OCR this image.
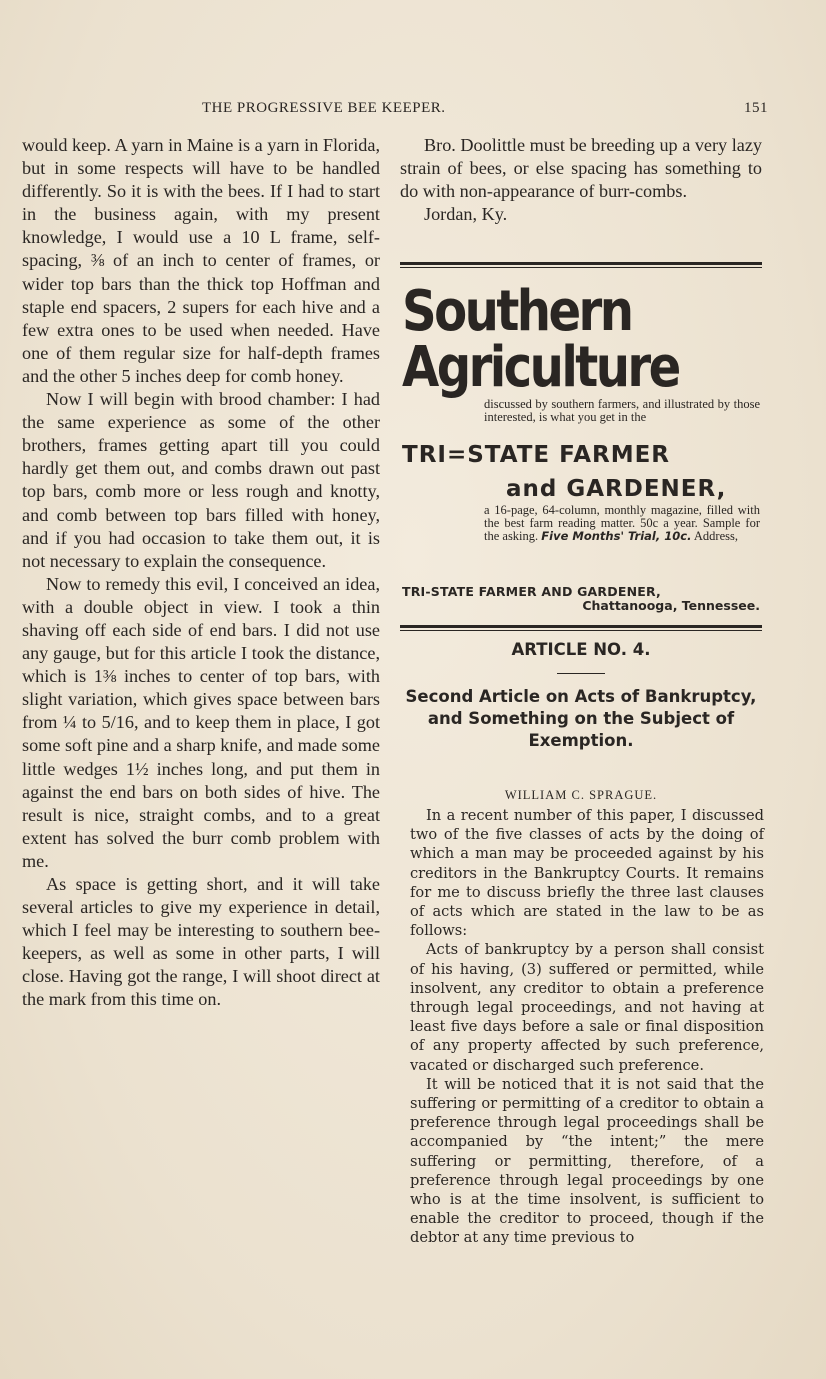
THE PROGRESSIVE BEE KEEPER.	151

would keep. A yarn in Maine is a yarn in Florida, but in some respects will have to be handled differently. So it is with the bees. If I had to start in the business again, with my present knowledge, I would use a 10 L frame, self-spacing, ⅜ of an inch to center of frames, or wider top bars than the thick top Hoffman and staple end spacers, 2 supers for each hive and a few extra ones to be used when needed. Have one of them regular size for half-depth frames and the other 5 inches deep for comb honey.

Now I will begin with brood chamber: I had the same experience as some of the other brothers, frames getting apart till you could hardly get them out, and combs drawn out past top bars, comb more or less rough and knotty, and comb between top bars filled with honey, and if you had occasion to take them out, it is not necessary to explain the consequence.

Now to remedy this evil, I conceived an idea, with a double object in view. I took a thin shaving off each side of end bars. I did not use any gauge, but for this article I took the distance, which is 1⅜ inches to center of top bars, with slight variation, which gives space between bars from ¼ to 5/16, and to keep them in place, I got some soft pine and a sharp knife, and made some little wedges 1½ inches long, and put them in against the end bars on both sides of hive. The result is nice, straight combs, and to a great extent has solved the burr comb problem with me.

As space is getting short, and it will take several articles to give my experience in detail, which I feel may be interesting to southern bee-keepers, as well as some in other parts, I will close. Having got the range, I will shoot direct at the mark from this time on.

Bro. Doolittle must be breeding up a very lazy strain of bees, or else spacing has something to do with non-appearance of burr-combs.

Jordan, Ky.

Southern
Agriculture
discussed by southern farmers, and illustrated by those interested, is what you get in the
TRI=STATE FARMER
and GARDENER,
a 16-page, 64-column, monthly magazine, filled with the best farm reading matter. 50c a year. Sample for the asking. Five Months' Trial, 10c. Address,
TRI-STATE FARMER AND GARDENER,
Chattanooga, Tennessee.
ARTICLE NO. 4.
Second Article on Acts of Bankruptcy, and Something on the Subject of Exemption.
WILLIAM C. SPRAGUE.

In a recent number of this paper, I discussed two of the five classes of acts by the doing of which a man may be proceeded against by his creditors in the Bankruptcy Courts. It remains for me to discuss briefly the three last clauses of acts which are stated in the law to be as follows:

Acts of bankruptcy by a person shall consist of his having, (3) suffered or permitted, while insolvent, any creditor to obtain a preference through legal proceedings, and not having at least five days before a sale or final disposition of any property affected by such preference, vacated or discharged such preference.

It will be noticed that it is not said that the suffering or permitting of a creditor to obtain a preference through legal proceedings shall be accompanied by “the intent;” the mere suffering or permitting, therefore, of a preference through legal proceedings by one who is at the time insolvent, is sufficient to enable the creditor to proceed, though if the debtor at any time previous to
